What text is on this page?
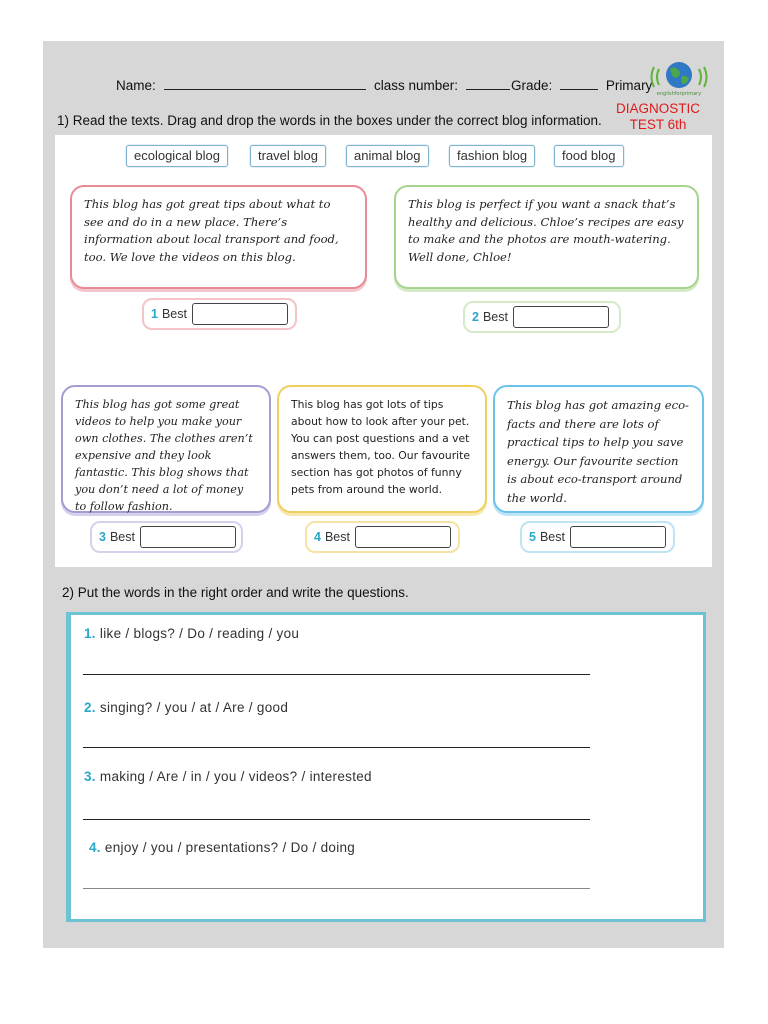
Name:	class number:	Grade:	Primary
englishforprimary
DIAGNOSTIC
TEST 6th
1) Read the texts. Drag and drop the words in the boxes under the correct blog information.
ecological blog	travel blog	animal blog	fashion blog	food blog
This blog has got great tips about what to see and do in a new place. There’s information about local transport and food, too. We love the videos on this blog.
This blog is perfect if you want a snack that’s healthy and delicious. Chloe’s recipes are easy to make and the photos are mouth-watering. Well done, Chloe!
1 Best	2 Best
This blog has got some great videos to help you make your own clothes. The clothes aren’t expensive and they look fantastic. This blog shows that you don’t need a lot of money to follow fashion.
This blog has got lots of tips about how to look after your pet. You can post questions and a vet answers them, too. Our favourite section has got photos of funny pets from around the world.
This blog has got amazing eco-facts and there are lots of practical tips to help you save energy. Our favourite section is about eco-transport around the world.
3 Best	4 Best	5 Best
2) Put the words in the right order and write the questions.
1. like / blogs? / Do / reading / you
2. singing? / you / at / Are / good
3. making / Are / in / you / videos? / interested
4. enjoy / you / presentations? / Do / doing
